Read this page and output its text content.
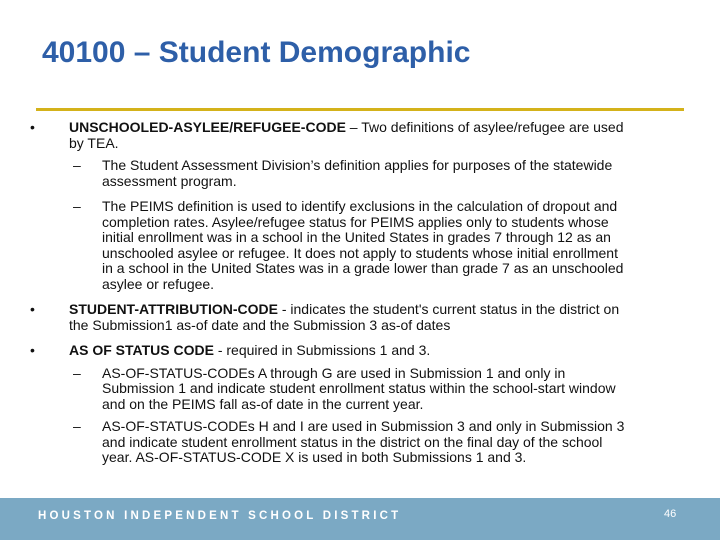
40100 – Student Demographic
•	UNSCHOOLED-ASYLEE/REFUGEE-CODE – Two definitions of asylee/refugee are used by TEA.
– The Student Assessment Division’s definition applies for purposes of the statewide assessment program.
– The PEIMS definition is used to identify exclusions in the calculation of dropout and completion rates. Asylee/refugee status for PEIMS applies only to students whose initial enrollment was in a school in the United States in grades 7 through 12 as an unschooled asylee or refugee. It does not apply to students whose initial enrollment in a school in the United States was in a grade lower than grade 7 as an unschooled asylee or refugee.
•	STUDENT-ATTRIBUTION-CODE - indicates the student's current status in the district on the Submission1 as-of date and the Submission 3 as-of dates
•	AS OF STATUS CODE - required in Submissions 1 and 3.
– AS-OF-STATUS-CODEs A through G are used in Submission 1 and only in Submission 1 and indicate student enrollment status within the school-start window and on the PEIMS fall as-of date in the current year.
– AS-OF-STATUS-CODEs H and I are used in Submission 3 and only in Submission 3 and indicate student enrollment status in the district on the final day of the school year. AS-OF-STATUS-CODE X is used in both Submissions 1 and 3.
HOUSTON INDEPENDENT SCHOOL DISTRICT	46
